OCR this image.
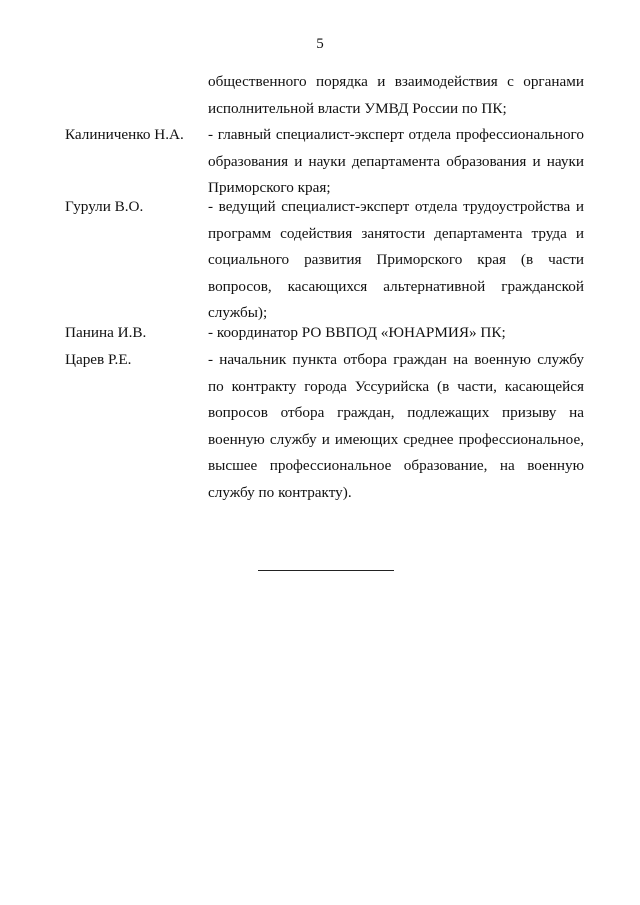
5
общественного порядка и взаимодействия с органами
исполнительной власти УМВД России по ПК;
Калиниченко Н.А. - главный специалист-эксперт отдела профессионального
образования и науки департамента образования и науки
Приморского края;
Гурули В.О.	- ведущий специалист-эксперт отдела трудоустройства и
программ содействия занятости департамента труда и
социального развития Приморского края (в части
вопросов, касающихся альтернативной гражданской
службы);
Панина И.В.	- координатор РО ВВПОД «ЮНАРМИЯ» ПК;
Царев Р.Е.	- начальник пункта отбора граждан на военную службу
по контракту города Уссурийска (в части, касающейся
вопросов отбора граждан, подлежащих призыву на
военную службу и имеющих среднее профессиональное,
высшее профессиональное образование, на военную
службу по контракту).
